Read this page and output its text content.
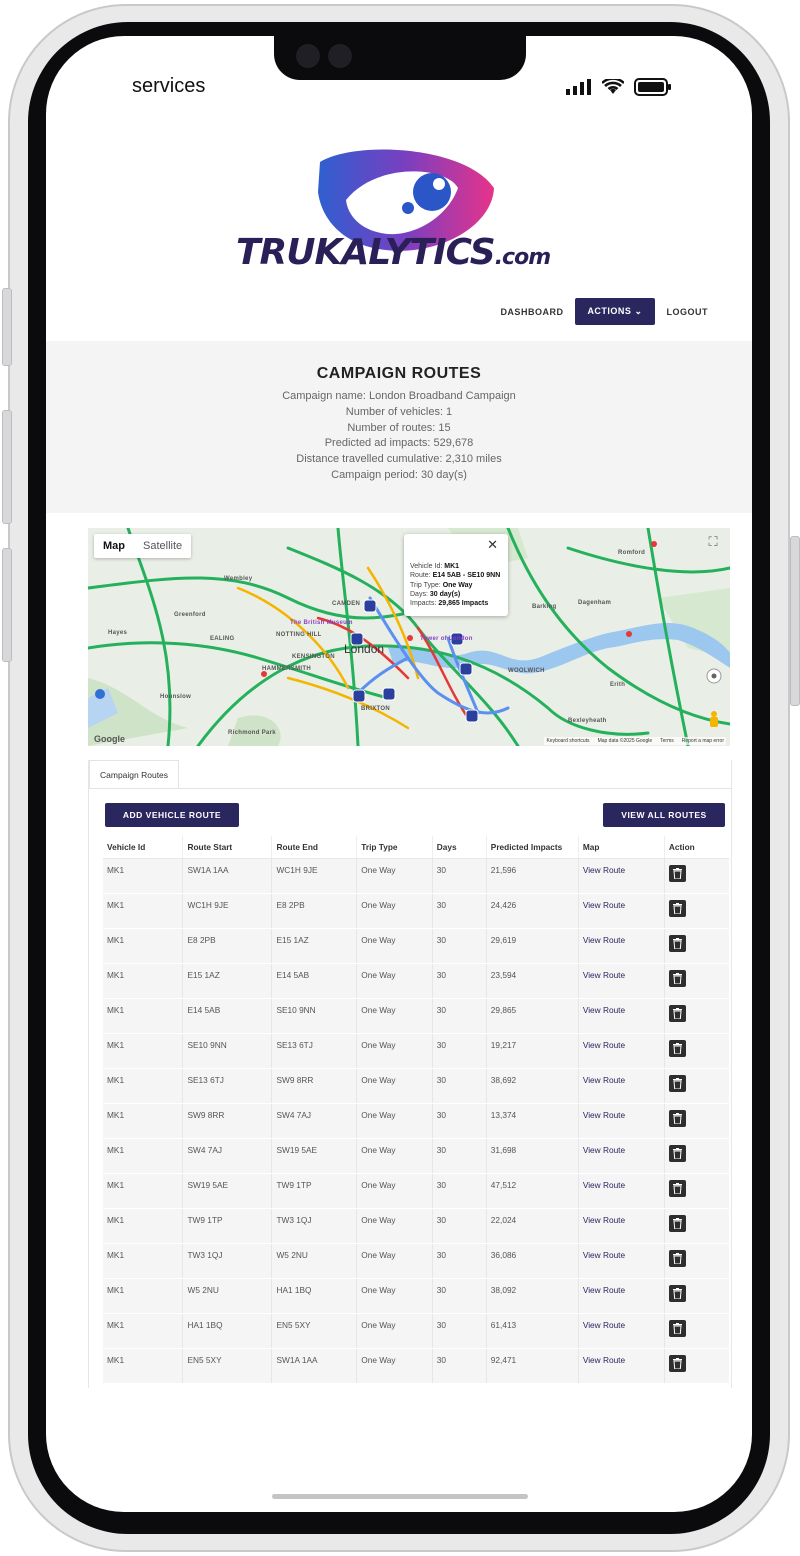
services
TRUKALYTICS.com
DASHBOARD	ACTIONS ⌄	LOGOUT
CAMPAIGN ROUTES
Campaign name: London Broadband Campaign
Number of vehicles: 1
Number of routes: 15
Predicted ad impacts: 529,678
Distance travelled cumulative: 2,310 miles
Campaign period: 30 day(s)
Map	Satellite	⛶
CAMDEN
NOTTING HILL
KENSINGTON
HAMMERSMITH
BRIXTON
WOOLWICH
EALING
Wembley
Greenford
Hayes
Hounslow
Richmond Park
Barking
Dagenham
Romford
Erith
Bexleyheath
The British Museum
Tower of London
London
✕
Vehicle Id: MK1
Route: E14 5AB - SE10 9NN
Trip Type: One Way
Days: 30 day(s)
Impacts: 29,865 Impacts
Google	Keyboard shortcuts Map data ©2025 Google Terms Report a map error
Campaign Routes
ADD VEHICLE ROUTE	VIEW ALL ROUTES
Vehicle Id	Route Start	Route End	Trip Type	Days	Predicted Impacts	Map	Action
MK1	SW1A 1AA	WC1H 9JE	One Way	30	21,596	View Route	

MK1	WC1H 9JE	E8 2PB	One Way	30	24,426	View Route	

MK1	E8 2PB	E15 1AZ	One Way	30	29,619	View Route	

MK1	E15 1AZ	E14 5AB	One Way	30	23,594	View Route	

MK1	E14 5AB	SE10 9NN	One Way	30	29,865	View Route	

MK1	SE10 9NN	SE13 6TJ	One Way	30	19,217	View Route	

MK1	SE13 6TJ	SW9 8RR	One Way	30	38,692	View Route	

MK1	SW9 8RR	SW4 7AJ	One Way	30	13,374	View Route	

MK1	SW4 7AJ	SW19 5AE	One Way	30	31,698	View Route	

MK1	SW19 5AE	TW9 1TP	One Way	30	47,512	View Route	

MK1	TW9 1TP	TW3 1QJ	One Way	30	22,024	View Route	

MK1	TW3 1QJ	W5 2NU	One Way	30	36,086	View Route	

MK1	W5 2NU	HA1 1BQ	One Way	30	38,092	View Route	

MK1	HA1 1BQ	EN5 5XY	One Way	30	61,413	View Route	

MK1	EN5 5XY	SW1A 1AA	One Way	30	92,471	View Route	
